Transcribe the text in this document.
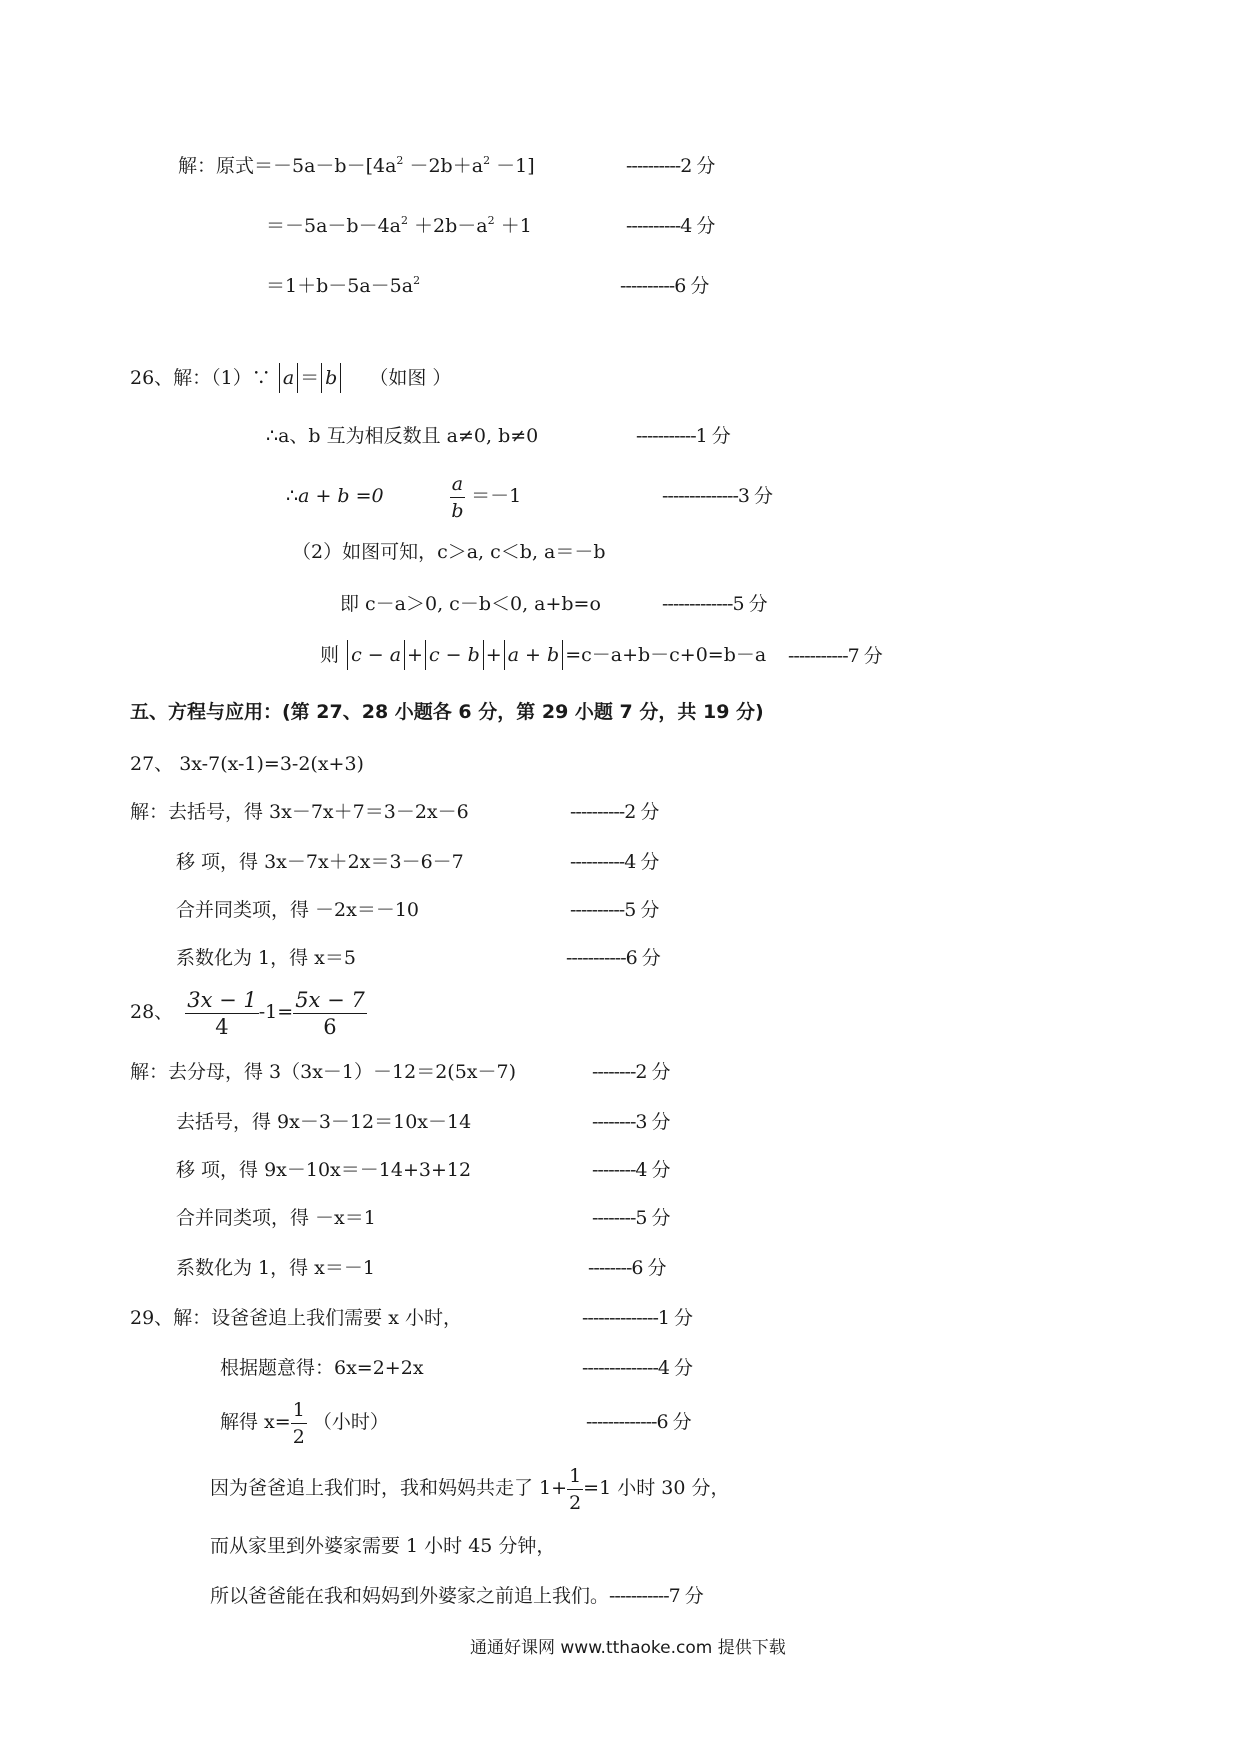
解：原式$=-5a-b-[4a^2 -2b+a^2 -1]$	----------2 分
$=-5a-b-4a^2 +2b-a^2 +1$	----------4 分
$=1+b-5a-5a^2$	----------6 分
26、解：（1）∵ a ＝ b （如图 ）
∴a、b 互为相反数且 a≠0, b≠0	-----------1 分
∴a + b =0	$\frac{a}{b} =-1$	--------------3 分
（2）如图可知，c＞a, c＜b, a＝－b
即 c－a＞0, c－b＜0, a+b=o	-------------5 分
则 c − a + c − b + a + b =c－a+b－c+0=b－a -----------7 分
五、方程与应用：(第 27、28 小题各 6 分，第 29 小题 7 分，共 19 分)
27、 3x-7(x-1)=3-2(x+3)
解：去括号，得 3x－7x＋7＝3－2x－6	----------2 分
移 项，得 3x－7x＋2x＝3－6－7	----------4 分
合并同类项，得 －2x＝－10	----------5 分
系数化为 1，得 x＝5	-----------6 分
28、 $\frac{3x - 1}{4} -1= \frac{5x - 7}{6}$
解：去分母，得 3（3x－1）－12＝2(5x－7)	--------2 分
去括号，得 9x－3－12＝10x－14	--------3 分
移 项，得 9x－10x＝－14+3+12	--------4 分
合并同类项，得 －x＝1	--------5 分
系数化为 1，得 x＝－1	--------6 分
29、解：设爸爸追上我们需要 x 小时，	--------------1 分
根据题意得：6x=2+2x	--------------4 分
解得 $x= \frac{1}{2}$ （小时）	-------------6 分
因为爸爸追上我们时，我和妈妈共走了 $1+ \frac{1}{2} =1$ 小时 30 分，
而从家里到外婆家需要 1 小时 45 分钟，
所以爸爸能在我和妈妈到外婆家之前追上我们。-----------7 分
通通好课网 www.tthaoke.com 提供下载
